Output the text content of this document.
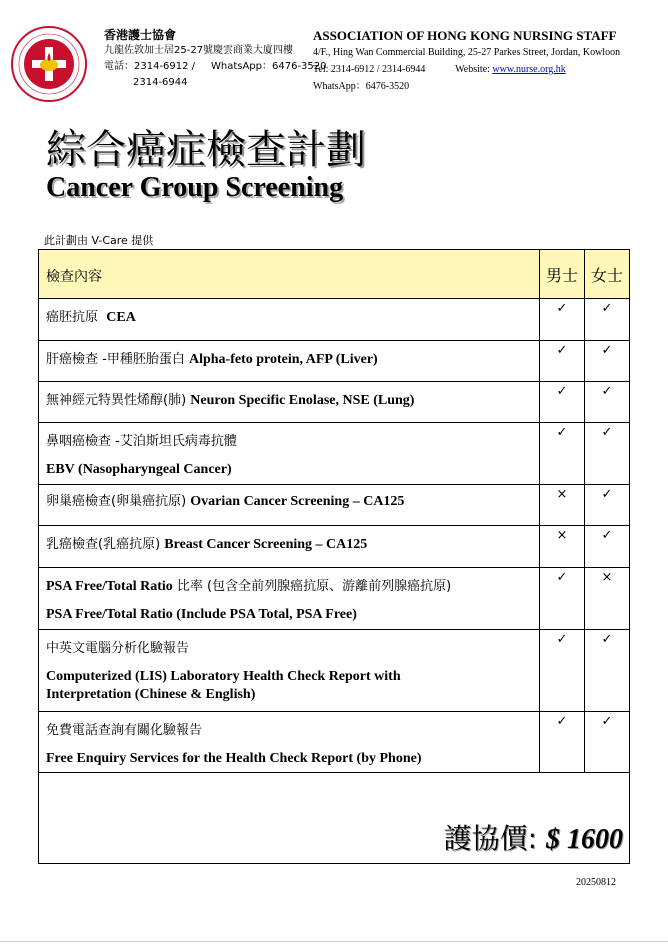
香港護士協會
九龍佐敦加士居25-27號慶雲商業大廈四樓
電話：2314-6912 / WhatsApp：6476-3520
2314-6944
ASSOCIATION OF HONG KONG NURSING STAFF
4/F., Hing Wan Commercial Building, 25-27 Parkes Street, Jordan, Kowloon
Tel: 2314-6912 / 2314-6944	Website: www.nurse.org.hk
WhatsApp：6476-3520
綜合癌症檢查計劃
Cancer Group Screening
此計劃由 V-Care 提供
檢查內容	男士	女士

癌胚抗原 CEA	✓	✓

肝癌檢查 -甲種胚胎蛋白 Alpha-feto protein, AFP (Liver)	✓	✓

無神經元特異性烯醇(肺) Neuron Specific Enolase, NSE (Lung)	✓	✓

鼻咽癌檢查 -艾泊斯坦氏病毒抗體
EBV (Nasopharyngeal Cancer)	✓	✓

卵巢癌檢查(卵巢癌抗原) Ovarian Cancer Screening – CA125	×	✓

乳癌檢查(乳癌抗原) Breast Cancer Screening – CA125	×	✓

PSA Free/Total Ratio 比率 (包含全前列腺癌抗原、游離前列腺癌抗原)
PSA Free/Total Ratio (Include PSA Total, PSA Free)	✓	×

中英文電腦分析化驗報告
Computerized (LIS) Laboratory Health Check Report with
Interpretation (Chinese & English)	✓	✓

免費電話查詢有關化驗報告
Free Enquiry Services for the Health Check Report (by Phone)	✓	✓
護協價: $ 1600		
20250812
